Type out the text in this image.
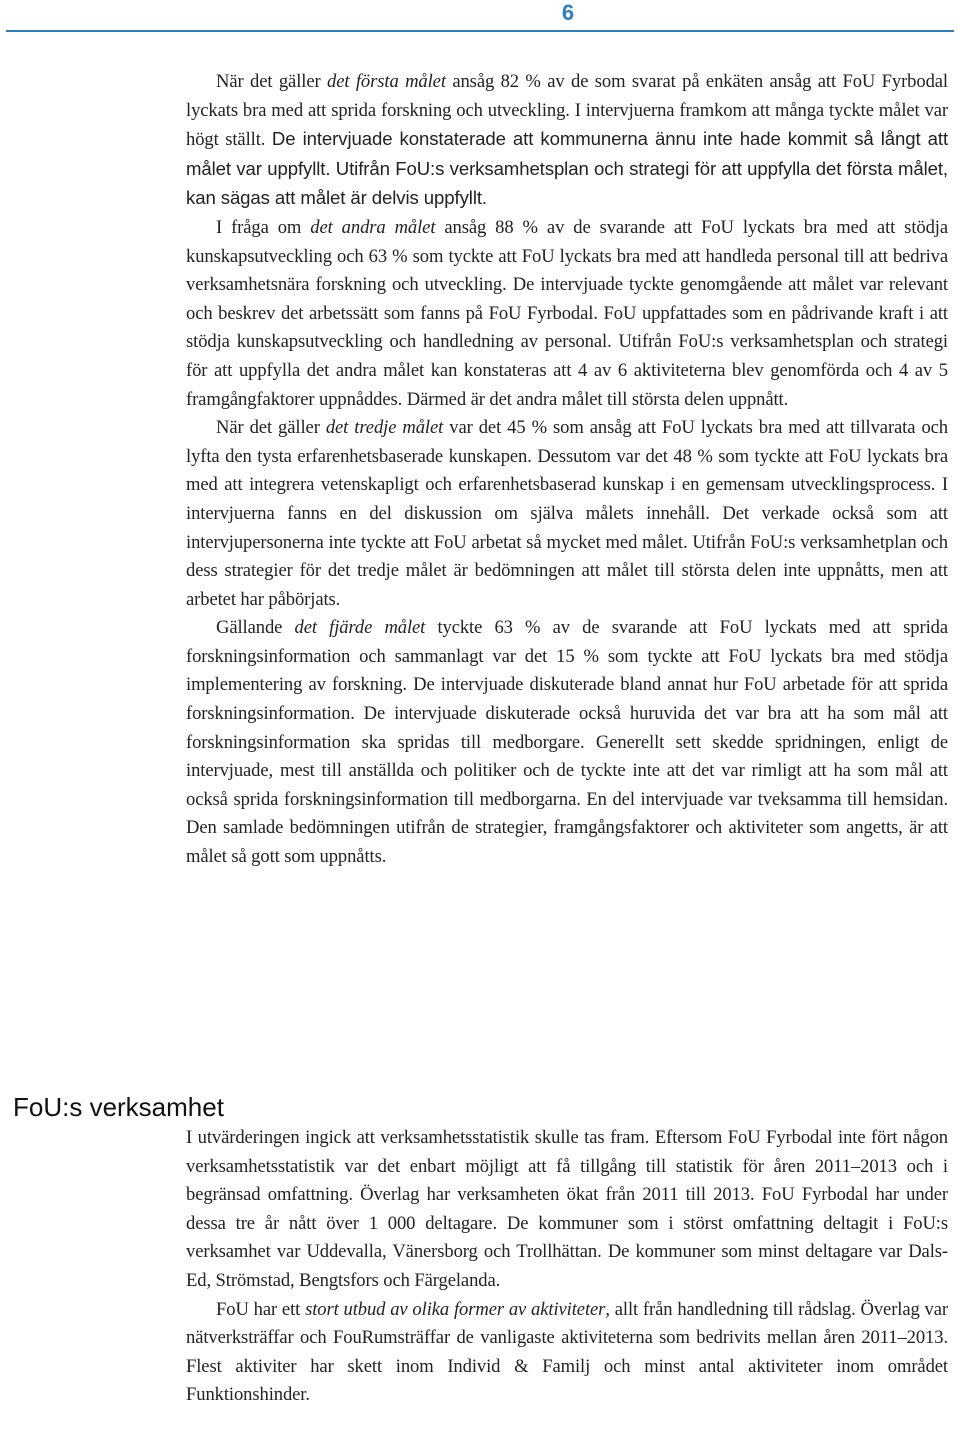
6

När det gäller det första målet ansåg 82 % av de som svarat på enkäten ansåg att FoU Fyrbodal lyckats bra med att sprida forskning och utveckling. I intervjuerna framkom att många tyckte målet var högt ställt. De intervjuade konstaterade att kommunerna ännu inte hade kommit så långt att målet var uppfyllt. Utifrån FoU:s verksamhetsplan och strategi för att uppfylla det första målet, kan sägas att målet är delvis uppfyllt.

I fråga om det andra målet ansåg 88 % av de svarande att FoU lyckats bra med att stödja kunskapsutveckling och 63 % som tyckte att FoU lyckats bra med att handleda personal till att bedriva verksamhetsnära forskning och utveckling. De intervjuade tyckte genomgående att målet var relevant och beskrev det arbetssätt som fanns på FoU Fyrbodal. FoU uppfattades som en pådrivande kraft i att stödja kunskapsutveckling och handledning av personal. Utifrån FoU:s verksamhetsplan och strategi för att uppfylla det andra målet kan konstateras att 4 av 6 aktiviteterna blev genomförda och 4 av 5 framgångfaktorer uppnåddes. Därmed är det andra målet till största delen uppnått.

När det gäller det tredje målet var det 45 % som ansåg att FoU lyckats bra med att tillvarata och lyfta den tysta erfarenhetsbaserade kunskapen. Dessutom var det 48 % som tyckte att FoU lyckats bra med att integrera vetenskapligt och erfarenhetsbaserad kunskap i en gemensam utvecklingsprocess. I intervjuerna fanns en del diskussion om själva målets innehåll. Det verkade också som att intervjupersonerna inte tyckte att FoU arbetat så mycket med målet. Utifrån FoU:s verksamhetplan och dess strategier för det tredje målet är bedömningen att målet till största delen inte uppnåtts, men att arbetet har påbörjats.

Gällande det fjärde målet tyckte 63 % av de svarande att FoU lyckats med att sprida forskningsinformation och sammanlagt var det 15 % som tyckte att FoU lyckats bra med stödja implementering av forskning. De intervjuade diskuterade bland annat hur FoU arbetade för att sprida forskningsinformation. De intervjuade diskuterade också huruvida det var bra att ha som mål att forskningsinformation ska spridas till medborgare. Generellt sett skedde spridningen, enligt de intervjuade, mest till anställda och politiker och de tyckte inte att det var rimligt att ha som mål att också sprida forskningsinformation till medborgarna. En del intervjuade var tveksamma till hemsidan. Den samlade bedömningen utifrån de strategier, framgångsfaktorer och aktiviteter som angetts, är att målet så gott som uppnåtts.

FoU:s verksamhet

I utvärderingen ingick att verksamhetsstatistik skulle tas fram. Eftersom FoU Fyrbodal inte fört någon verksamhetsstatistik var det enbart möjligt att få tillgång till statistik för åren 2011–2013 och i begränsad omfattning. Överlag har verksamheten ökat från 2011 till 2013. FoU Fyrbodal har under dessa tre år nått över 1 000 deltagare. De kommuner som i störst omfattning deltagit i FoU:s verksamhet var Uddevalla, Vänersborg och Trollhättan. De kommuner som minst deltagare var Dals-Ed, Strömstad, Bengtsfors och Färgelanda.

FoU har ett stort utbud av olika former av aktiviteter, allt från handledning till rådslag. Överlag var nätverksträffar och FouRumsträffar de vanligaste aktiviteterna som bedrivits mellan åren 2011–2013. Flest aktiviter har skett inom Individ & Familj och minst antal aktiviteter inom området Funktionshinder.
